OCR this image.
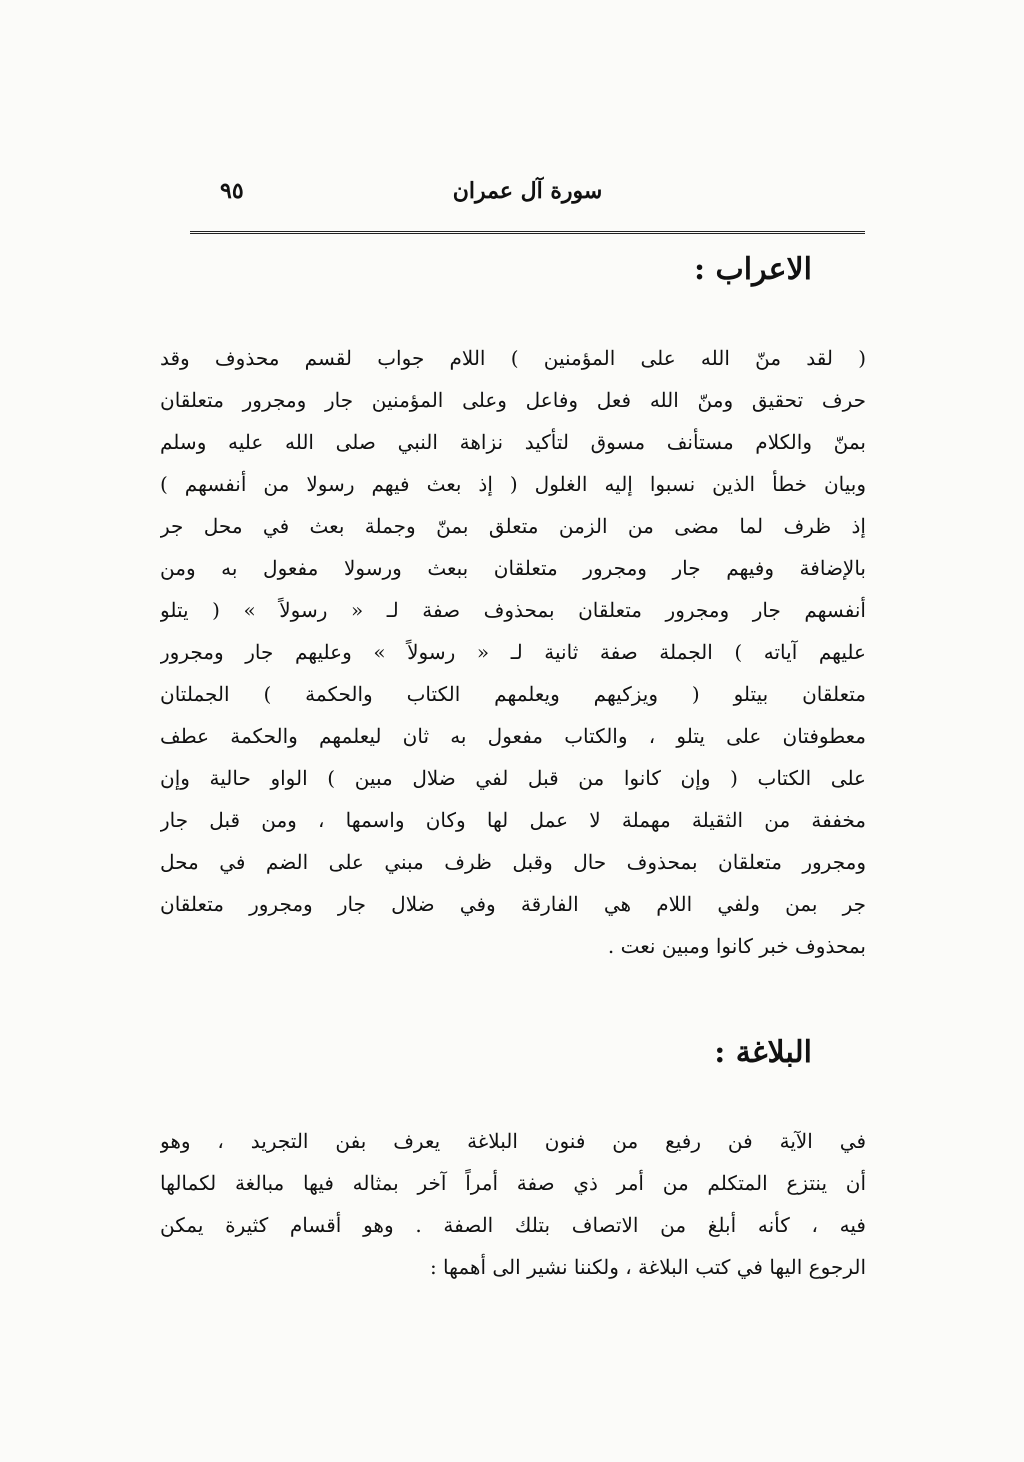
سورة آل عمران
٩٥
الاعراب :
( لقد منّ الله على المؤمنين ) اللام جواب لقسم محذوف وقد
حرف تحقيق ومنّ الله فعل وفاعل وعلى المؤمنين جار ومجرور متعلقان
بمنّ والكلام مستأنف مسوق لتأكيد نزاهة النبي صلى الله عليه وسلم
وبيان خطأ الذين نسبوا إليه الغلول ( إذ بعث فيهم رسولا من أنفسهم )
إذ ظرف لما مضى من الزمن متعلق بمنّ وجملة بعث في محل جر
بالإضافة وفيهم جار ومجرور متعلقان ببعث ورسولا مفعول به ومن
أنفسهم جار ومجرور متعلقان بمحذوف صفة لـ « رسولاً » ( يتلو
عليهم آياته ) الجملة صفة ثانية لـ « رسولاً » وعليهم جار ومجرور
متعلقان بيتلو ( ويزكيهم ويعلمهم الكتاب والحكمة ) الجملتان
معطوفتان على يتلو ، والكتاب مفعول به ثان ليعلمهم والحكمة عطف
على الكتاب ( وإن كانوا من قبل لفي ضلال مبين ) الواو حالية وإن
مخففة من الثقيلة مهملة لا عمل لها وكان واسمها ، ومن قبل جار
ومجرور متعلقان بمحذوف حال وقبل ظرف مبني على الضم في محل
جر بمن ولفي اللام هي الفارقة وفي ضلال جار ومجرور متعلقان
بمحذوف خبر كانوا ومبين نعت .
البلاغة :
في الآية فن رفيع من فنون البلاغة يعرف بفن التجريد ، وهو
أن ينتزع المتكلم من أمر ذي صفة أمراً آخر بمثاله فيها مبالغة لكمالها
فيه ، كأنه أبلغ من الاتصاف بتلك الصفة . وهو أقسام كثيرة يمكن
الرجوع اليها في كتب البلاغة ، ولكننا نشير الى أهمها :
